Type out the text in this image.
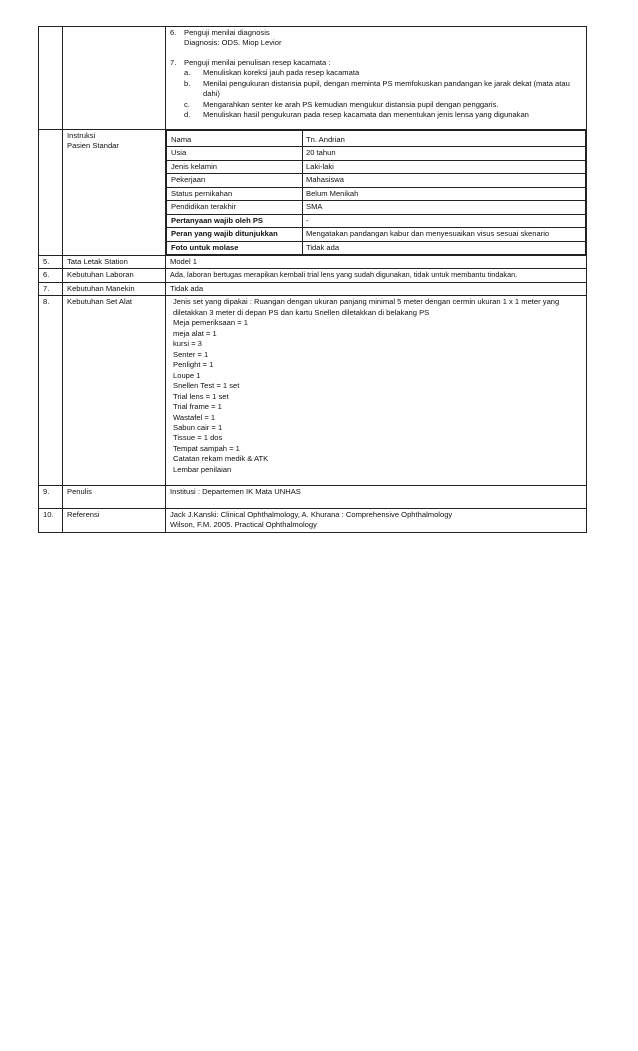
6.	Penguji menilai diagnosis
Diagnosis: ODS. Miop Levior
7.	Penguji menilai penulisan resep kacamata :
a.	Menuliskan koreksi jauh pada resep kacamata
b.	Menilai pengukuran distansia pupil, dengan meminta PS memfokuskan pandangan ke jarak dekat (mata atau dahi)
c.	Mengarahkan senter ke arah PS kemudian mengukur distansia pupil dengan penggaris.
d.	Menuliskan hasil pengukuran pada resep kacamata dan menentukan jenis lensa yang digunakan

Instruksi
Pasien Standar

Nama	Tn. Andrian
Usia	20 tahun
Jenis kelamin	Laki-laki
Pekerjaan	Mahasiswa
Status pernikahan	Belum Menikah
Pendidikan terakhir	SMA
Pertanyaan wajib oleh PS	-
Peran yang wajib ditunjukkan	Mengatakan pandangan kabur dan menyesuaikan visus sesuai skenario
Foto untuk molase	Tidak ada

5.	Tata Letak Station	Model 1
6.	Kebutuhan Laboran	Ada, laboran bertugas merapikan kembali trial lens yang sudah digunakan, tidak untuk membantu tindakan.
7.	Kebutuhan Manekin	Tidak ada
8.	Kebutuhan Set Alat	Jenis set yang dipakai : Ruangan dengan ukuran panjang minimal 5 meter dengan cermin ukuran 1 x 1 meter yang diletakkan 3 meter di depan PS dan kartu Snellen diletakkan di belakang PS
Meja pemeriksaan = 1
meja alat = 1
kursi = 3
Senter = 1
Penlight = 1
Loupe 1
Snellen Test = 1 set
Trial lens = 1 set
Trial frame = 1
Wastafel = 1
Sabun cair = 1
Tissue = 1 dos
Tempat sampah = 1
Catatan rekam medik & ATK
Lembar penilaian

9.	Penulis	Institusi : Departemen IK Mata UNHAS
10.	Referensi	Jack J.Kanski: Clinical Ophthalmology, A. Khurana : Comprehensive Ophthalmology
Wilson, F.M. 2005. Practical Ophthalmology
